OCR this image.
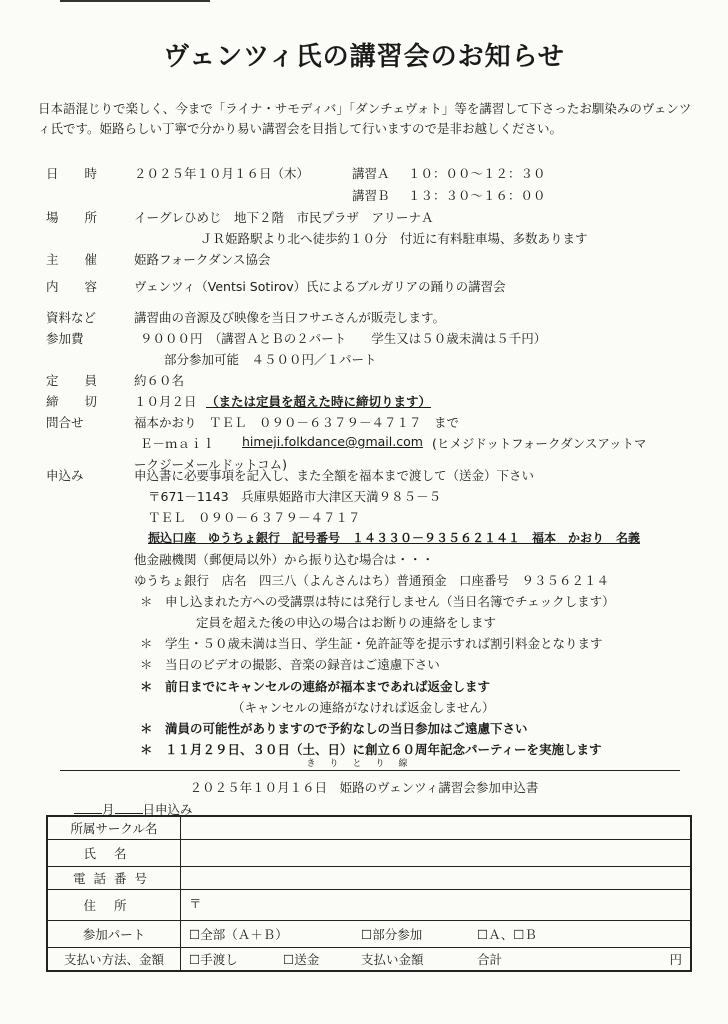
ヴェンツィ氏の講習会のお知らせ
日本語混じりで楽しく、今まで「ライナ・サモディバ」「ダンチェヴォト」等を講習して下さったお馴染みのヴェンツィ氏です。姫路らしい丁寧で分かり易い講習会を目指して行いますので是非お越しください。
日時 ２０２５年１０月１６日（木）	講習Ａ １０：００～１２：３０
講習Ｂ １３：３０～１６：００
場所 イーグレひめじ　地下２階　市民プラザ　アリーナＡ
ＪＲ姫路駅より北へ徒歩約１０分　付近に有料駐車場、多数あります
主催 姫路フォークダンス協会
内容 ヴェンツィ（Ventsi Sotirov）氏によるブルガリアの踊りの講習会
資料など	講習曲の音源及び映像を当日フサエさんが販売します。
参加費	９０００円　（講習ＡとＢの２パート　　学生又は５０歳未満は５千円）
部分参加可能　４５００円／１パート
定員 約６０名
締切 １０月２日 （または定員を超えた時に締切ります）
問合せ	福本かおり　ＴＥＬ　０９０－６３７９－４７１７　まで
Ｅ－ｍａｉｌ himeji.folkdance@gmail.com (ヒメジドットフォークダンスアットマ
ークジーメールドットコム)
申込み	申込書に必要事項を記入し、また全額を福本まで渡して（送金）下さい
〒671－1143　兵庫県姫路市大津区天満９８５－５
ＴＥＬ　０９０－６３７９－４７１７
振込口座　ゆうちょ銀行　記号番号　１４３３０－９３５６２１４１　福本　かおり　名義
他金融機関（郵便局以外）から振り込む場合は・・・
ゆうちょ銀行　店名　四三八（よんさんはち）普通預金　口座番号　９３５６２１４
＊　申し込まれた方への受講票は特には発行しません（当日名簿でチェックします）
定員を超えた後の申込の場合はお断りの連絡をします
＊　学生・５０歳未満は当日、学生証・免許証等を提示すれば割引料金となります
＊　当日のビデオの撮影、音楽の録音はご遠慮下さい
＊　前日までにキャンセルの連絡が福本まであれば返金します
（キャンセルの連絡がなければ返金しません）
＊　満員の可能性がありますので予約なしの当日参加はご遠慮下さい
＊　１１月２９日、３０日（土、日）に創立６０周年記念パーティーを実施します
きりとり線
２０２５年１０月１６日　姫路のヴェンツィ講習会参加申込書
月 日申込み
所属サークル名				
氏名				
電話番号				
住所	〒			
参加パート	☐全部（Ａ＋Ｂ）		☐部分参加	☐Ａ、☐Ｂ
支払い方法、金額	☐手渡し	☐送金	支払い金額	合計 円
